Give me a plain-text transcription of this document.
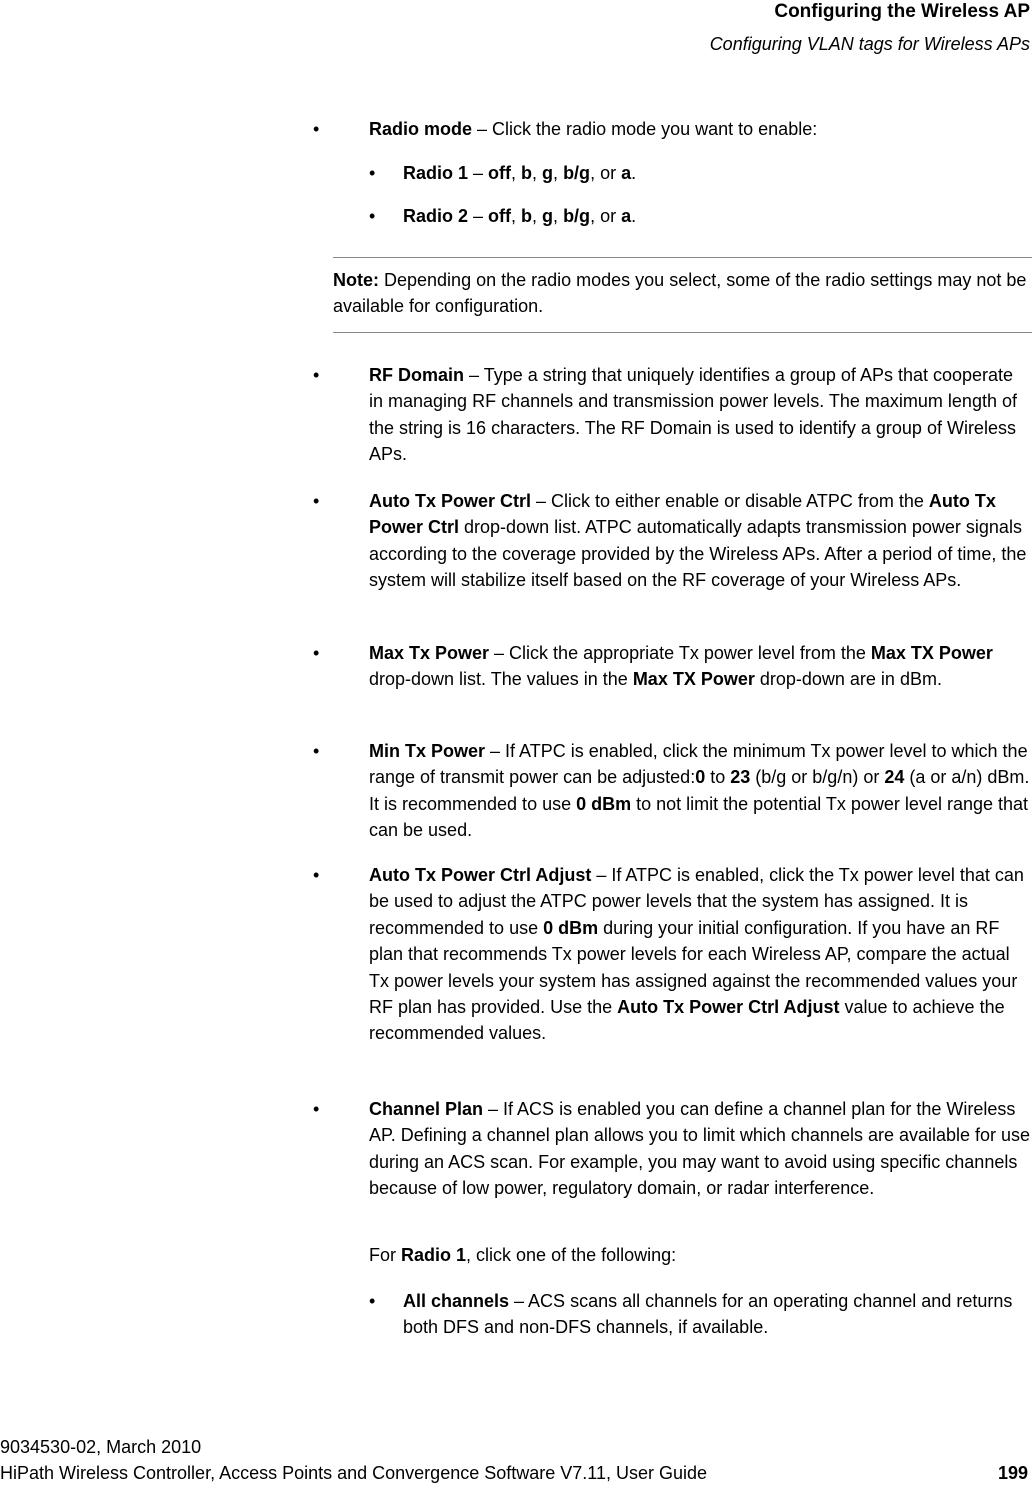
Configuring the Wireless AP
Configuring VLAN tags for Wireless APs
•	Radio mode – Click the radio mode you want to enable:
• Radio 1 – off, b, g, b/g, or a.
• Radio 2 – off, b, g, b/g, or a.
Note: Depending on the radio modes you select, some of the radio settings may not be available for configuration.
•	RF Domain – Type a string that uniquely identifies a group of APs that cooperate in managing RF channels and transmission power levels. The maximum length of the string is 16 characters. The RF Domain is used to identify a group of Wireless APs.
•	Auto Tx Power Ctrl – Click to either enable or disable ATPC from the Auto Tx Power Ctrl drop-down list. ATPC automatically adapts transmission power signals according to the coverage provided by the Wireless APs. After a period of time, the system will stabilize itself based on the RF coverage of your Wireless APs.
•	Max Tx Power – Click the appropriate Tx power level from the Max TX Power drop-down list. The values in the Max TX Power drop-down are in dBm.
•	Min Tx Power – If ATPC is enabled, click the minimum Tx power level to which the range of transmit power can be adjusted:0 to 23 (b/g or b/g/n) or 24 (a or a/n) dBm. It is recommended to use 0 dBm to not limit the potential Tx power level range that can be used.
•	Auto Tx Power Ctrl Adjust – If ATPC is enabled, click the Tx power level that can be used to adjust the ATPC power levels that the system has assigned. It is recommended to use 0 dBm during your initial configuration. If you have an RF plan that recommends Tx power levels for each Wireless AP, compare the actual Tx power levels your system has assigned against the recommended values your RF plan has provided. Use the Auto Tx Power Ctrl Adjust value to achieve the recommended values.
•	Channel Plan – If ACS is enabled you can define a channel plan for the Wireless AP. Defining a channel plan allows you to limit which channels are available for use during an ACS scan. For example, you may want to avoid using specific channels because of low power, regulatory domain, or radar interference.
For Radio 1, click one of the following:
• All channels – ACS scans all channels for an operating channel and returns both DFS and non-DFS channels, if available.
9034530-02, March 2010
HiPath Wireless Controller, Access Points and Convergence Software V7.11, User Guide	199
